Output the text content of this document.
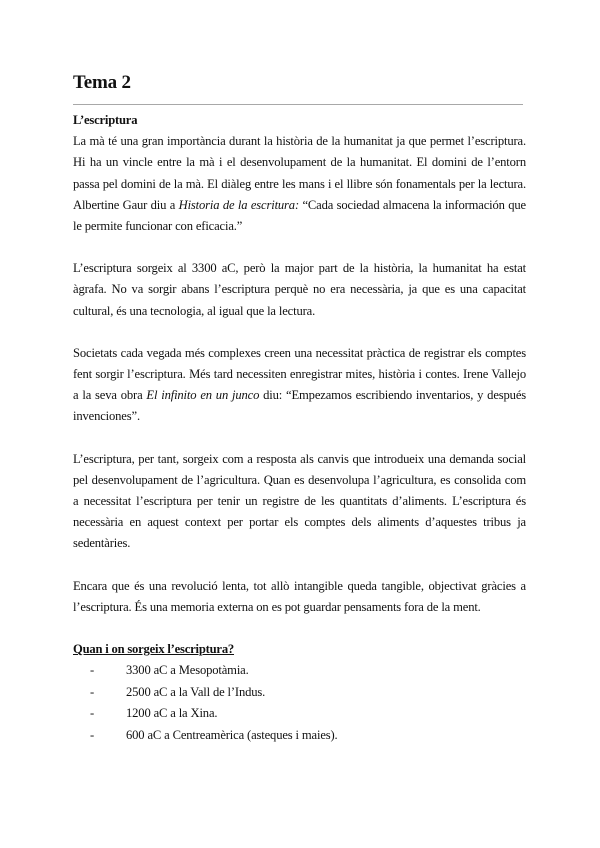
Tema 2

L’escriptura

La mà té una gran importància durant la història de la humanitat ja que permet l’escriptura. Hi ha un vincle entre la mà i el desenvolupament de la humanitat. El domini de l’entorn passa pel domini de la mà. El diàleg entre les mans i el llibre són fonamentals per la lectura. Albertine Gaur diu a Historia de la escritura: “Cada sociedad almacena la información que le permite funcionar con eficacia.”

L’escriptura sorgeix al 3300 aC, però la major part de la història, la humanitat ha estat àgrafa. No va sorgir abans l’escriptura perquè no era necessària, ja que es una capacitat cultural, és una tecnologia, al igual que la lectura.

Societats cada vegada més complexes creen una necessitat pràctica de registrar els comptes fent sorgir l’escriptura. Més tard necessiten enregistrar mites, història i contes. Irene Vallejo a la seva obra El infinito en un junco diu: “Empezamos escribiendo inventarios, y después invenciones”.

L’escriptura, per tant, sorgeix com a resposta als canvis que introdueix una demanda social pel desenvolupament de l’agricultura. Quan es desenvolupa l’agricultura, es consolida com a necessitat l’escriptura per tenir un registre de les quantitats d’aliments. L’escriptura és necessària en aquest context per portar els comptes dels aliments d’aquestes tribus ja sedentàries.

Encara que és una revolució lenta, tot allò intangible queda tangible, objectivat gràcies a l’escriptura. És una memoria externa on es pot guardar pensaments fora de la ment.

Quan i on sorgeix l’escriptura?

-	3300 aC a Mesopotàmia.
-	2500 aC a la Vall de l’Indus.
-	1200 aC a la Xina.
-	600 aC a Centreamèrica (asteques i maies).
